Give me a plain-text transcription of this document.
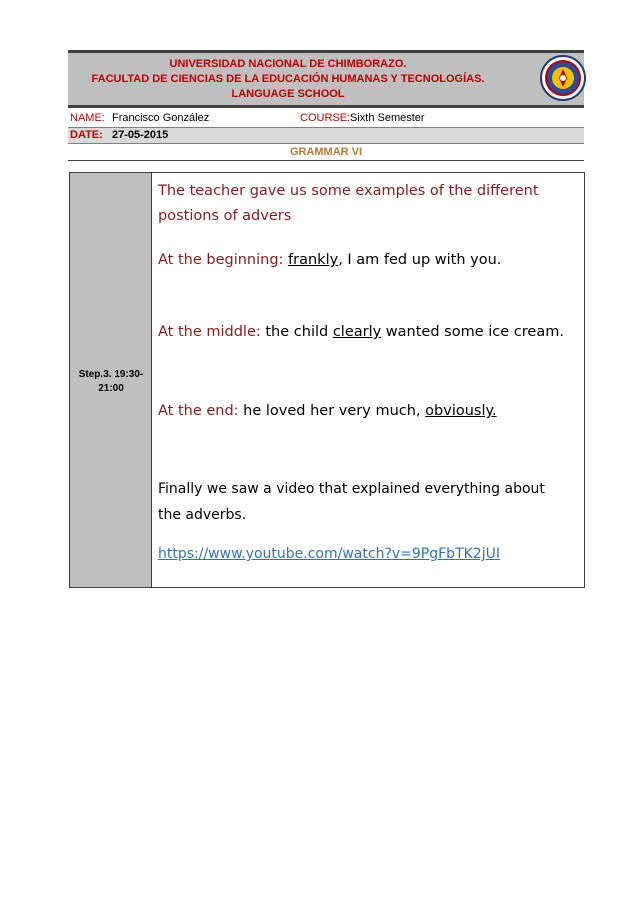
UNIVERSIDAD NACIONAL DE CHIMBORAZO.
FACULTAD DE CIENCIAS DE LA EDUCACIÓN HUMANAS Y TECNOLOGÍAS.
LANGUAGE SCHOOL
NAME: Francisco González	COURSE: Sixth Semester
DATE: 27-05-2015
GRAMMAR VI
Step.3. 19:30-
21:00
The teacher gave us some examples of the different
postions of advers
At the beginning: frankly, I am fed up with you.
At the middle: the child clearly wanted some ice cream.
At the end: he loved her very much, obviously.
Finally we saw a video that explained everything about
the adverbs.
https://www.youtube.com/watch?v=9PgFbTK2jUI
